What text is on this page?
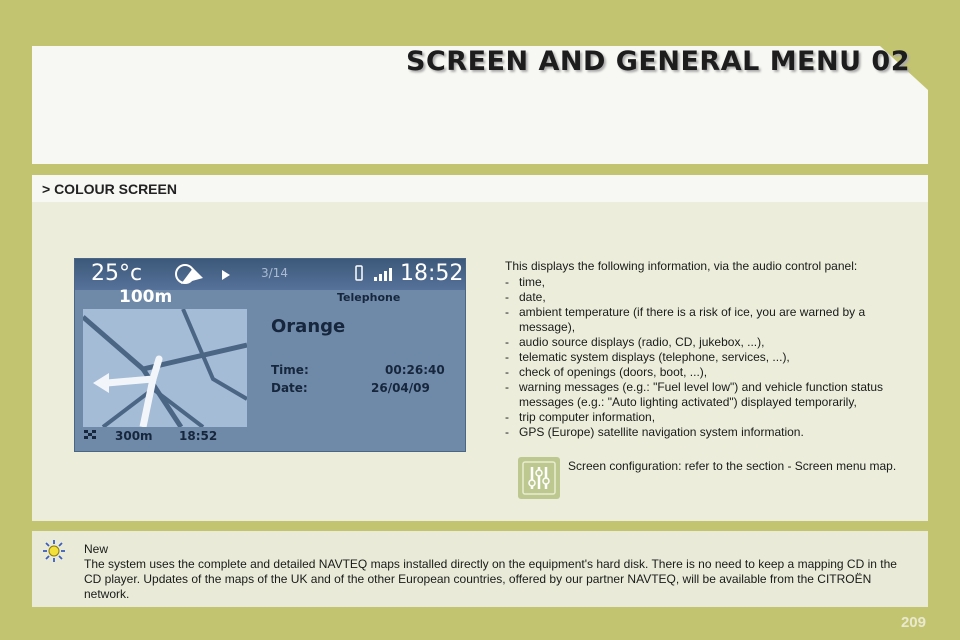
SCREEN AND GENERAL MENU 02
> COLOUR SCREEN
25°c	3/14	18:52
100m	Telephone
Orange
Time:	00:26:40
Date:	26/04/09
300m 18:52

This displays the following information, via the audio control panel:

- time,
- date,
- ambient temperature (if there is a risk of ice, you are warned by a message),
- audio source displays (radio, CD, jukebox, ...),
- telematic system displays (telephone, services, ...),
- check of openings (doors, boot, ...),
- warning messages (e.g.: "Fuel level low") and vehicle function status messages (e.g.: "Auto lighting activated") displayed temporarily,
- trip computer information,
- GPS (Europe) satellite navigation system information.
Screen configuration: refer to the section - Screen menu map.

New

The system uses the complete and detailed NAVTEQ maps installed directly on the equipment's hard disk. There is no need to keep a mapping CD in the CD player. Updates of the maps of the UK and of the other European countries, offered by our partner NAVTEQ, will be available from the CITROËN network.

209
